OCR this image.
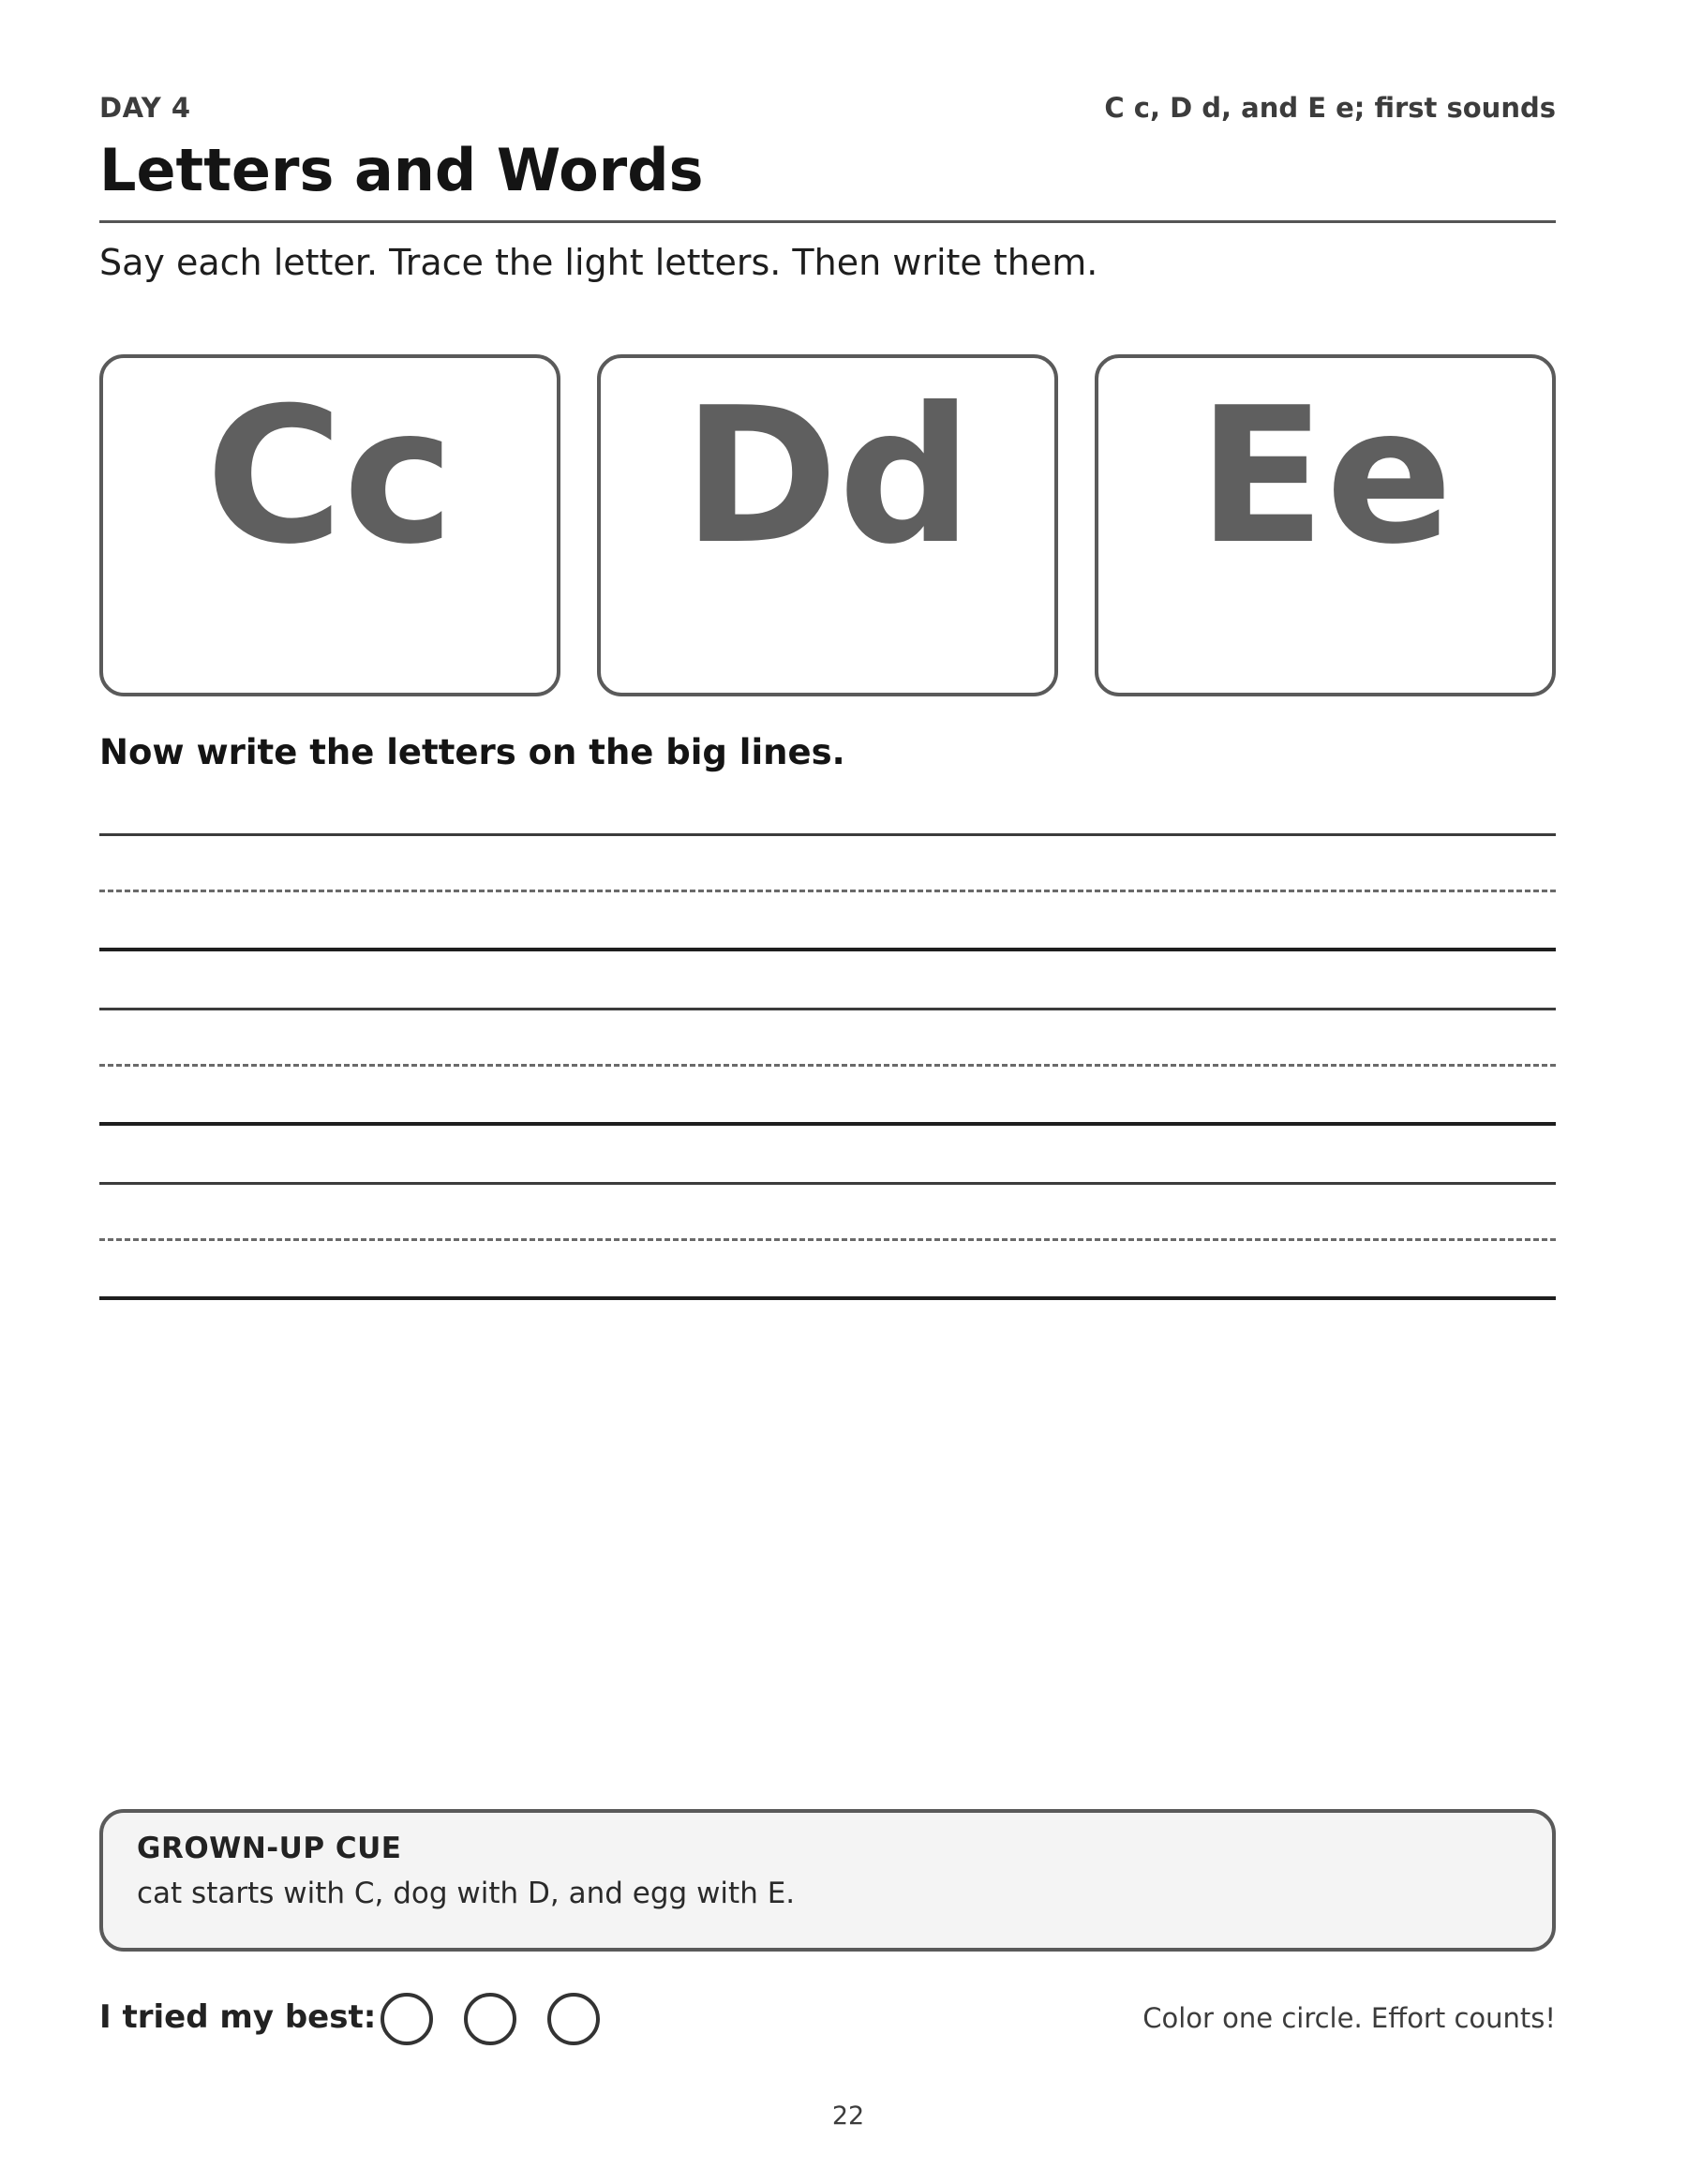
DAY 4	C c, D d, and E e; first sounds
Letters and Words
Say each letter. Trace the light letters. Then write them.
Cc	Dd	Ee
Now write the letters on the big lines.
GROWN-UP CUE
cat starts with C, dog with D, and egg with E.
I tried my best:	Color one circle. Effort counts!
22
